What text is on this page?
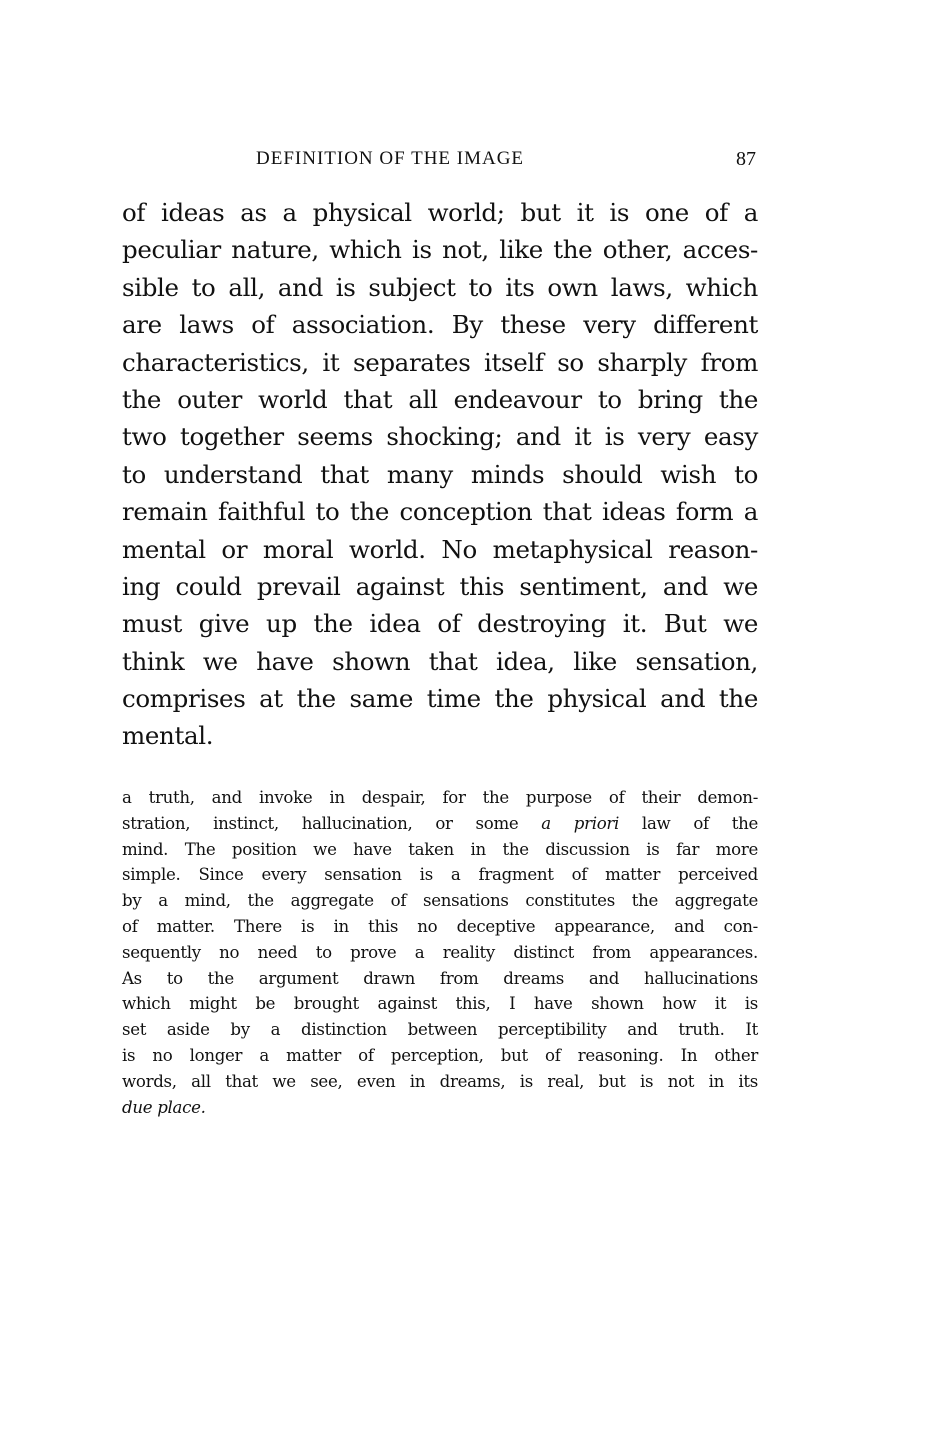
DEFINITION OF THE IMAGE	87
of ideas as a physical world; but it is one of a
peculiar nature, which is not, like the other, acces-
sible to all, and is subject to its own laws, which
are laws of association. By these very different
characteristics, it separates itself so sharply from
the outer world that all endeavour to bring the
two together seems shocking; and it is very easy
to understand that many minds should wish to
remain faithful to the conception that ideas form a
mental or moral world. No metaphysical reason-
ing could prevail against this sentiment, and we
must give up the idea of destroying it. But we
think we have shown that idea, like sensation,
comprises at the same time the physical and the
mental.
a truth, and invoke in despair, for the purpose of their demon-
stration, instinct, hallucination, or some a priori law of the
mind. The position we have taken in the discussion is far more
simple. Since every sensation is a fragment of matter perceived
by a mind, the aggregate of sensations constitutes the aggregate
of matter. There is in this no deceptive appearance, and con-
sequently no need to prove a reality distinct from appearances.
As to the argument drawn from dreams and hallucinations
which might be brought against this, I have shown how it is
set aside by a distinction between perceptibility and truth. It
is no longer a matter of perception, but of reasoning. In other
words, all that we see, even in dreams, is real, but is not in its
due place.
